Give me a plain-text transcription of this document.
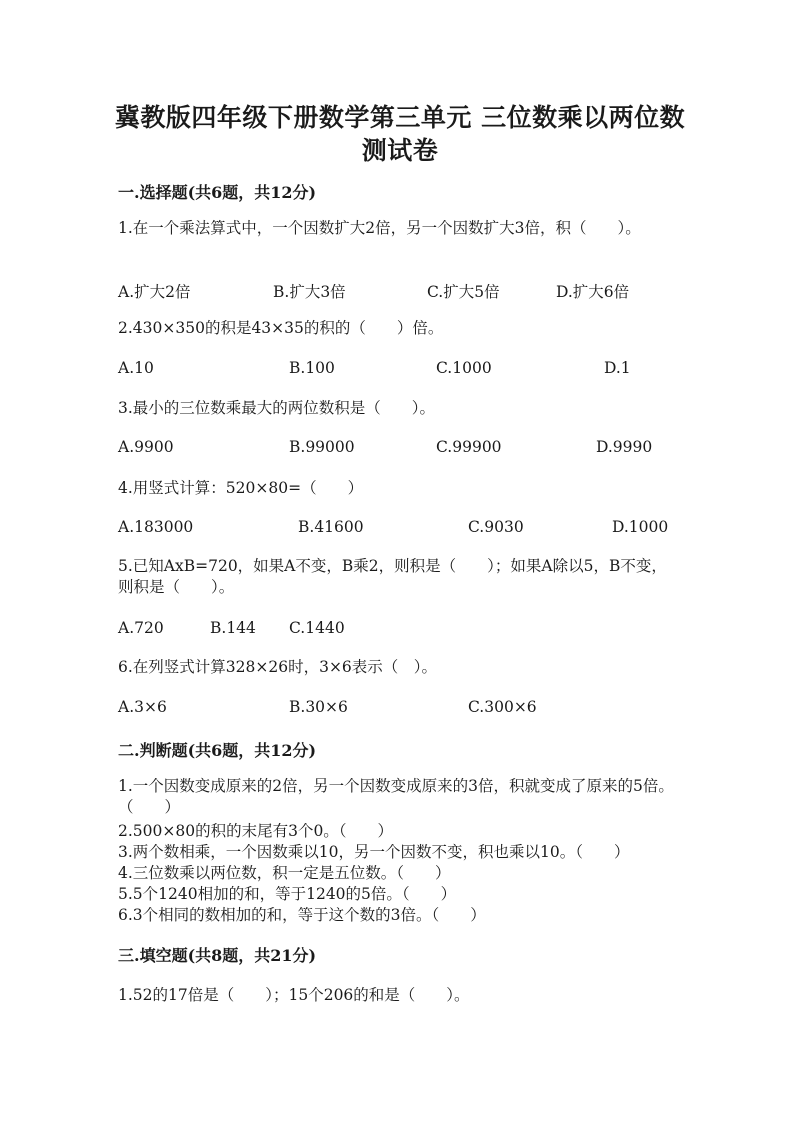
冀教版四年级下册数学第三单元 三位数乘以两位数
测试卷
一.选择题(共6题，共12分)
1.在一个乘法算式中，一个因数扩大2倍，另一个因数扩大3倍，积（　　）。
A.扩大2倍	B.扩大3倍	C.扩大5倍	D.扩大6倍
2.430×350的积是43×35的积的（　　）倍。
A.10	B.100	C.1000	D.1
3.最小的三位数乘最大的两位数积是（　　）。
A.9900	B.99000	C.99900	D.9990
4.用竖式计算：520×80=（　　）
A.183000	B.41600	C.9030	D.1000
5.已知AxB=720，如果A不变，B乘2，则积是（　　）；如果A除以5，B不变，则积是（　　）。
A.720	B.144 C.1440
6.在列竖式计算328×26时，3×6表示（　）。
A.3×6	B.30×6	C.300×6
二.判断题(共6题，共12分)
1.一个因数变成原来的2倍，另一个因数变成原来的3倍，积就变成了原来的5倍。（　　）
2.500×80的积的末尾有3个0。（　　）
3.两个数相乘，一个因数乘以10，另一个因数不变，积也乘以10。（　　）
4.三位数乘以两位数，积一定是五位数。（　　）
5.5个1240相加的和，等于1240的5倍。（　　）
6.3个相同的数相加的和，等于这个数的3倍。（　　）
三.填空题(共8题，共21分)
1.52的17倍是（　　）；15个206的和是（　　）。
